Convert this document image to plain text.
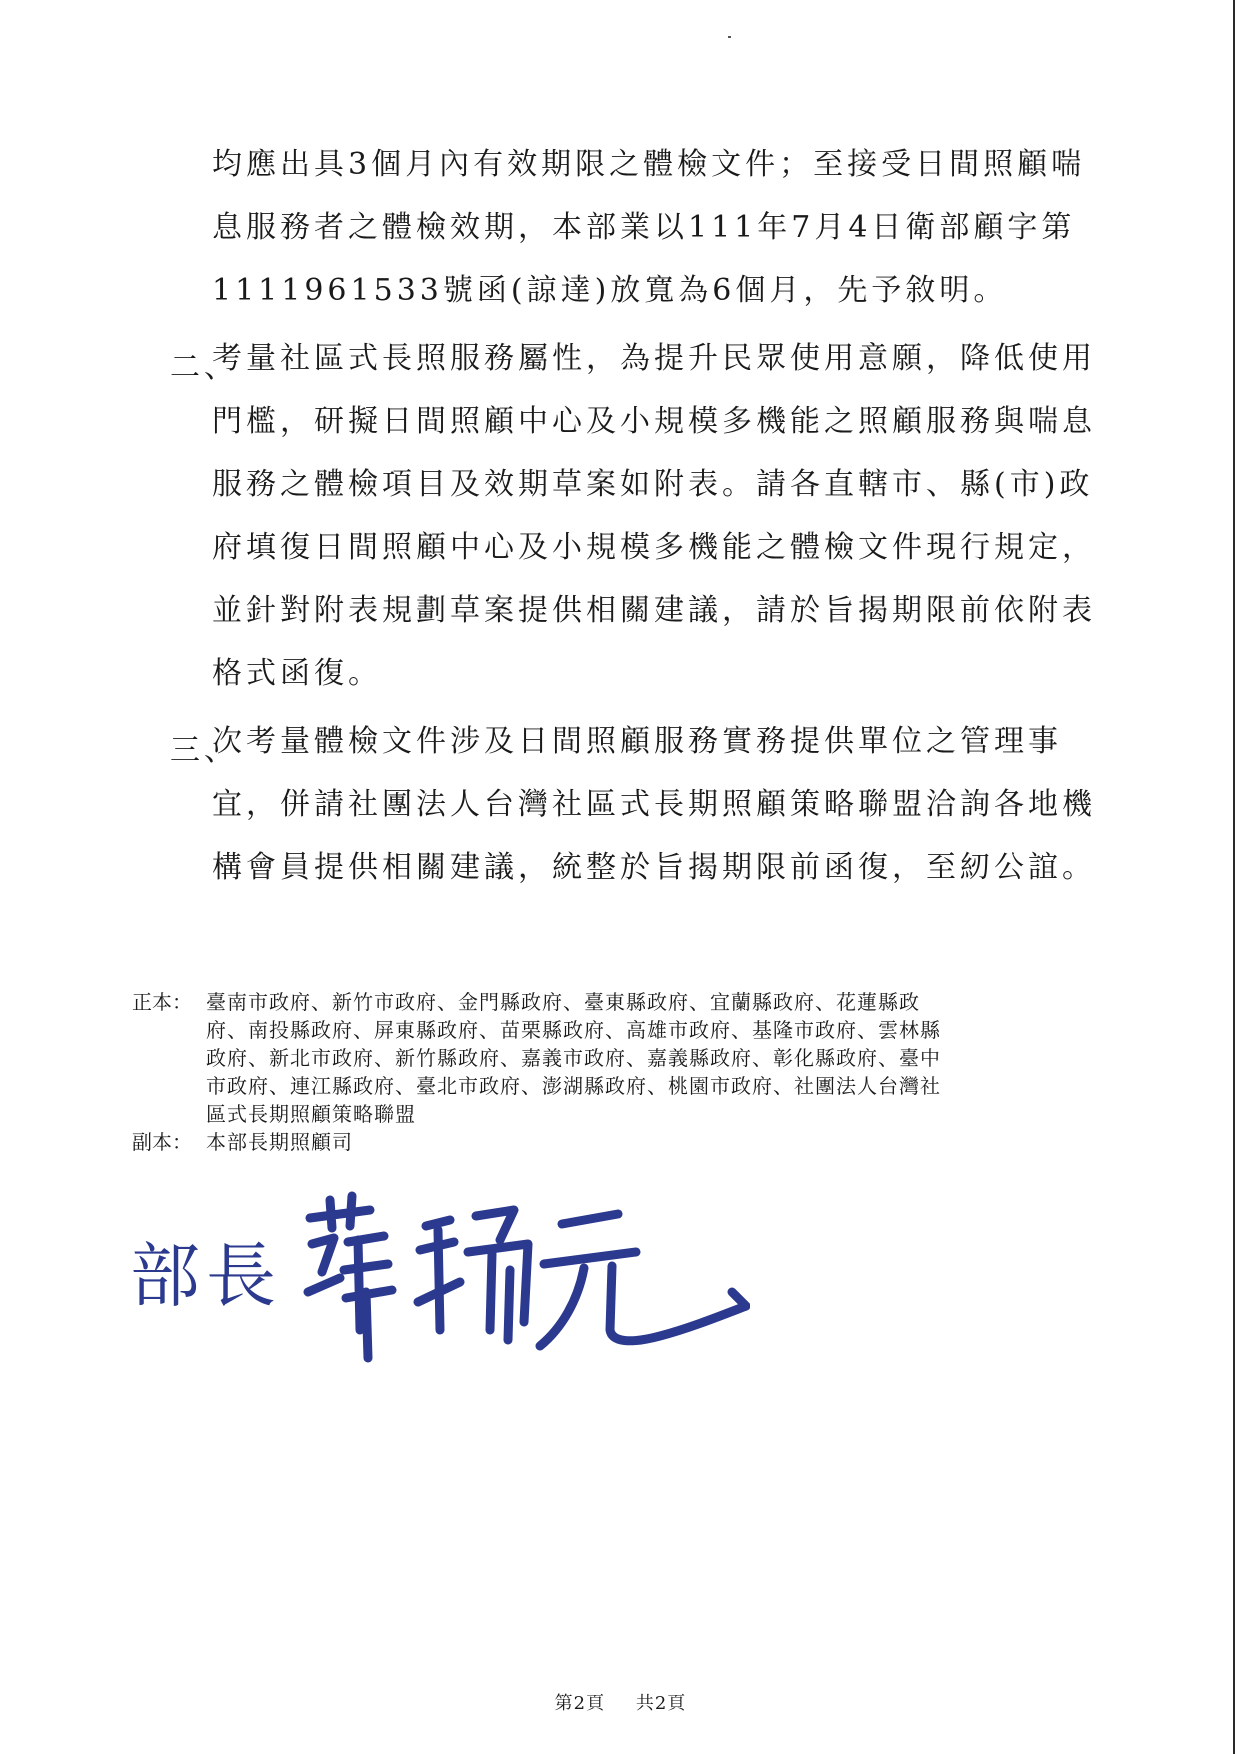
均應出具3個月內有效期限之體檢文件；至接受日間照顧喘
息服務者之體檢效期，本部業以111年7月4日衛部顧字第
1111961533號函(諒達)放寬為6個月，先予敘明。
二、
考量社區式長照服務屬性，為提升民眾使用意願，降低使用
門檻，研擬日間照顧中心及小規模多機能之照顧服務與喘息
服務之體檢項目及效期草案如附表。請各直轄市、縣(市)政
府填復日間照顧中心及小規模多機能之體檢文件現行規定，
並針對附表規劃草案提供相關建議，請於旨揭期限前依附表
格式函復。
三、
次考量體檢文件涉及日間照顧服務實務提供單位之管理事
宜，併請社團法人台灣社區式長期照顧策略聯盟洽詢各地機
構會員提供相關建議，統整於旨揭期限前函復，至紉公誼。
正本： 臺南市政府、新竹市政府、金門縣政府、臺東縣政府、宜蘭縣政府、花蓮縣政
府、南投縣政府、屏東縣政府、苗栗縣政府、高雄市政府、基隆市政府、雲林縣
政府、新北市政府、新竹縣政府、嘉義市政府、嘉義縣政府、彰化縣政府、臺中
市政府、連江縣政府、臺北市政府、澎湖縣政府、桃園市政府、社團法人台灣社
區式長期照顧策略聯盟
副本： 本部長期照顧司
部長
第2頁 共2頁
